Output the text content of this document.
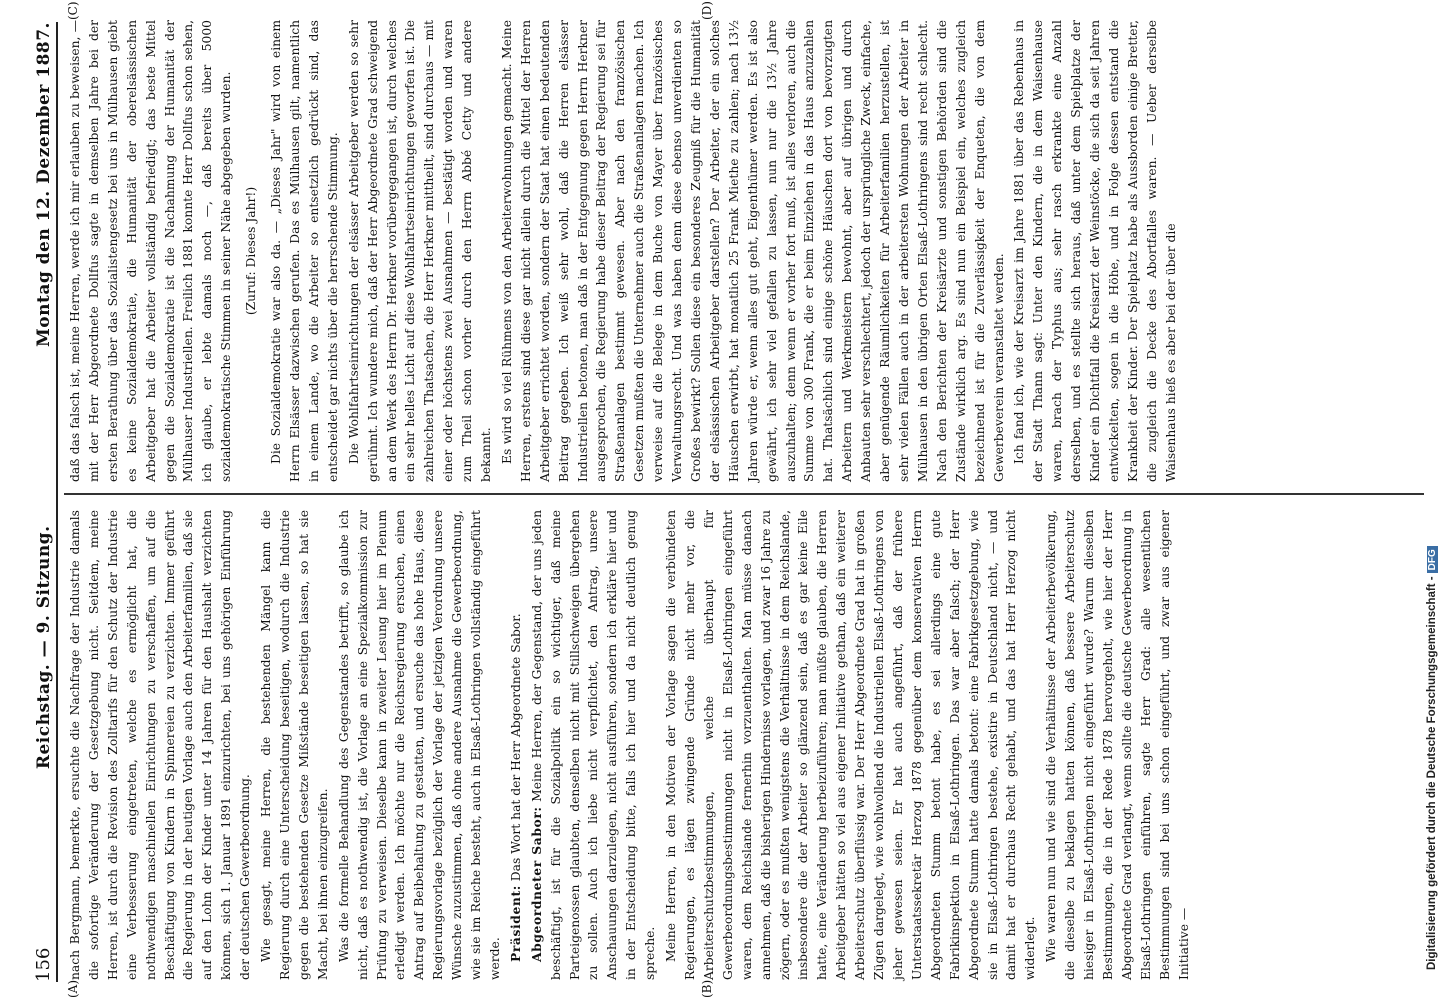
156
Reichstag. — 9. Sitzung.
Montag den 12. Dezember 1887.
(A)	(B)
(C)	(D)

nach Bergmann, bemerkte, ersuchte die Nachfrage der Industrie damals die sofortige Veränderung der Gesetzgebung nicht. Seitdem, meine Herren, ist durch die Revision des Zolltarifs für den Schutz der Industrie eine Verbesserung eingetreten, welche es ermöglicht hat, die nothwendigen maschinellen Einrichtungen zu verschaffen, um auf die Beschäftigung von Kindern in Spinnereien zu verzichten. Immer geführt die Regierung in der heutigen Vorlage auch den Arbeiterfamilien, daß sie auf den Lohn der Kinder unter 14 Jahren für den Haushalt verzichten können, sich 1. Januar 1891 einzurichten, bei uns gehörigen Einführung der deutschen Gewerbeordnung. Wie gesagt, meine Herren, die bestehenden Mängel kann die Regierung durch eine Unterscheidung beseitigen, wodurch die Industrie gegen die bestehenden Gesetze Mißstände beseitigen lassen, so hat sie Macht, bei ihnen einzugreifen. Was die formelle Behandlung des Gegenstandes betrifft, so glaube ich nicht, daß es nothwendig ist, die Vorlage an eine Spezialkommission zur Prüfung zu verweisen. Dieselbe kann in zweiter Lesung hier im Plenum erledigt werden. Ich möchte nur die Reichsregierung ersuchen, einen Antrag auf Beibehaltung zu gestatten, und ersuche das hohe Haus, diese Regierungsvorlage bezüglich der Vorlage der jetzigen Verordnung unsere Wünsche zuzustimmen, daß ohne andere Ausnahme die Gewerbeordnung, wie sie im Reiche besteht, auch in Elsaß-Lothringen vollständig eingeführt werde. Präsident: Das Wort hat der Herr Abgeordnete Sabor.

Abgeordneter Sabor: Meine Herren, der Gegenstand, der uns jeden beschäftigt, ist für die Sozialpolitik ein so wichtiger, daß meine Parteigenossen glaubten, denselben nicht mit Stillschweigen übergehen zu sollen. Auch ich liebe nicht verpflichtet, den Antrag, unsere Anschauungen darzulegen, nicht ausführen, sondern ich erkläre hier und in der Entscheidung bitte, falls ich hier und da nicht deutlich genug spreche. Meine Herren, in den Motiven der Vorlage sagen die verbündeten Regierungen, es lägen zwingende Gründe nicht mehr vor, die Arbeiterschutzbestimmungen, welche überhaupt für Gewerbeordnungsbestimmungen nicht in Elsaß-Lothringen eingeführt waren, dem Reichslande fernerhin vorzuenthalten. Man müsse danach annehmen, daß die bisherigen Hindernisse vorlagen, und zwar 16 Jahre zu zögern, oder es mußten wenigstens die Verhältnisse in dem Reichslande, insbesondere die der Arbeiter so glänzend sein, daß es gar keine Eile hatte, eine Veränderung herbeizuführen; man müßte glauben, die Herren Arbeitgeber hätten so viel aus eigener Initiative gethan, daß ein weiterer Arbeiterschutz überflüssig war. Der Herr Abgeordnete Grad hat in großen Zügen dargelegt, wie wohlwollend die Industriellen Elsaß-Lothringens von jeher gewesen seien. Er hat auch angeführt, daß der frühere Unterstaatssekretär Herzog 1878 gegenüber dem konservativen Herrn Abgeordneten Stumm betont habe, es sei allerdings eine gute Fabrikinspektion in Elsaß-Lothringen. Das war aber falsch; der Herr Abgeordnete Stumm hatte damals betont: eine Fabrikgesetzgebung, wie sie in Elsaß-Lothringen bestehe, existire in Deutschland nicht, — und damit hat er durchaus Recht gehabt, und das hat Herr Herzog nicht widerlegt. Wie waren nun und wie sind die Verhältnisse der Arbeiterbevölkerung, die dieselbe zu beklagen hatten können, daß bessere Arbeiterschutz hiesiger in Elsaß-Lothringen nicht eingeführt wurde? Warum dieselben Bestimmungen, die in der Rede 1878 hervorgeholt, wie hier der Herr Abgeordnete Grad verlangt, wenn sollte die deutsche Gewerbeordnung in Elsaß-Lothringen einführen, sagte Herr Grad: alle wesentlichen Bestimmungen sind bei uns schon eingeführt, und zwar aus eigener Initiative —

daß das falsch ist, meine Herren, werde ich mir erlauben zu beweisen, — mit der Herr Abgeordnete Dollfus sagte in demselben Jahre bei der ersten Berathung über das Sozialistengesetz bei uns in Mülhausen giebt es keine Sozialdemokratie, die Humanität der oberelsässischen Arbeitgeber hat die Arbeiter vollständig befriedigt; das beste Mittel gegen die Sozialdemokratie ist die Nachahmung der Humanität der Mülhauser Industriellen. Freilich 1881 konnte Herr Dollfus schon sehen, ich glaube, er lebte damals noch —, daß bereits über 5000 sozialdemokratische Stimmen in seiner Nähe abgegeben wurden. (Zuruf: Dieses Jahr!) Die Sozialdemokratie war also da. — „Dieses Jahr" wird von einem Herrn Elsässer dazwischen gerufen. Das es Mülhausen gilt, namentlich in einem Lande, wo die Arbeiter so entsetzlich gedrückt sind, das entscheidet gar nichts über die herrschende Stimmung. Die Wohlfahrtseinrichtungen der elsässer Arbeitgeber werden so sehr gerühmt. Ich wundere mich, daß der Herr Abgeordnete Grad schweigend an dem Werk des Herrn Dr. Herkner vorübergegangen ist, durch welches ein sehr helles Licht auf diese Wohlfahrtseinrichtungen geworfen ist. Die zahlreichen Thatsachen, die Herr Herkner mittheilt, sind durchaus — mit einer oder höchstens zwei Ausnahmen — bestätigt worden und waren zum Theil schon vorher durch den Herrn Abbé Cetty und andere bekannt. Es wird so viel Rühmens von den Arbeiterwohnungen gemacht. Meine Herren, erstens sind diese gar nicht allein durch die Mittel der Herren Arbeitgeber errichtet worden, sondern der Staat hat einen bedeutenden Beitrag gegeben. Ich weiß sehr wohl, daß die Herren elsässer Industriellen betonen, man daß in der Entgegnung gegen Herrn Herkner ausgesprochen, die Regierung habe dieser Beitrag der Regierung sei für Straßenanlagen bestimmt gewesen. Aber nach den französischen Gesetzen mußten die Unternehmer auch die Straßenanlagen machen. Ich verweise auf die Belege in dem Buche von Mayer über französisches Verwaltungsrecht. Und was haben denn diese ebenso unverdienten so Großes bewirkt? Sollen diese ein besonderes Zeugniß für die Humanität der elsässischen Arbeitgeber darstellen? Der Arbeiter, der ein solches Häuschen erwirbt, hat monatlich 25 Frank Miethe zu zahlen; nach 13½ Jahren würde er, wenn alles gut geht, Eigenthümer werden. Es ist also gewährt, ich sehr viel gefallen zu lassen, nun nur die 13½ Jahre auszuhalten; denn wenn er vorher fort muß, ist alles verloren, auch die Summe von 300 Frank, die er beim Einziehen in das Haus anzuzahlen hat. Thatsächlich sind einige schöne Häuschen dort von bevorzugten Arbeitern und Werkmeistern bewohnt, aber auf übrigen und durch Anbauten sehr verschlechtert, jedoch der ursprüngliche Zweck, einfache, aber genügende Räumlichkeiten für Arbeiterfamilien herzustellen, ist sehr vielen Fällen auch in der arbeitersten Wohnungen der Arbeiter in Mülhausen in den übrigen Orten Elsaß-Lothringens sind recht schlecht. Nach den Berichten der Kreisärzte und sonstigen Behörden sind die Zustände wirklich arg. Es sind nun ein Beispiel ein, welches zugleich bezeichnend ist für die Zuverlässigkeit der Enqueten, die von dem Gewerbeverein veranstaltet werden. Ich fand ich, wie der Kreisarzt im Jahre 1881 über das Rebenhaus in der Stadt Thann sagt: Unter den Kindern, die in dem Waisenhause waren, brach der Typhus aus; sehr rasch erkrankte eine Anzahl derselben, und es stellte sich heraus, daß unter dem Spielplatze der Kinder ein Dichtfall die Kreisarzt der Weinstöcke, die sich da seit Jahren entwickelten, sogen in die Höhe, und in Folge dessen entstand die Krankheit der Kinder. Der Spielplatz habe als Aussborden einige Bretter, die zugleich die Decke des Abortfalles waren. — Ueber derselbe Waisenhaus hieß es aber bei der über die

Digitalisierung gefördert durch die Deutsche Forschungsgemeinschaft -DFG
